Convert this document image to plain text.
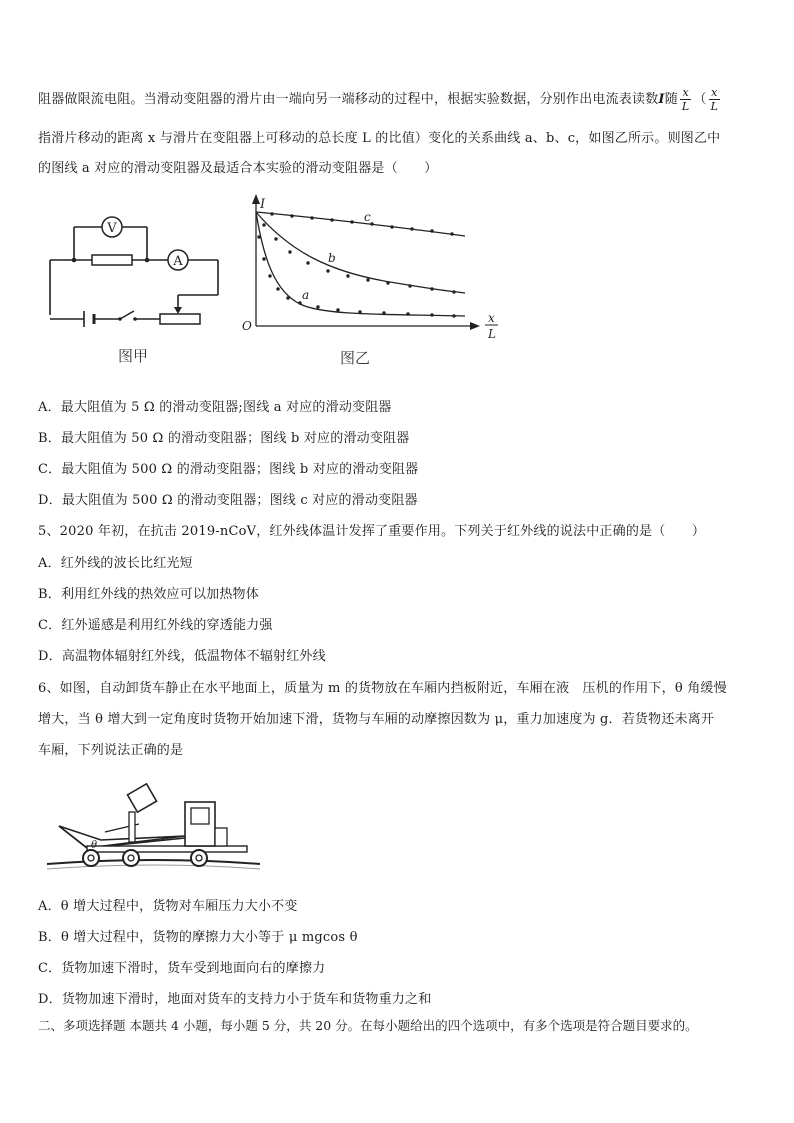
阻器做限流电阻。当滑动变阻器的滑片由一端向另一端移动的过程中，根据实验数据，分别作出电流表读数I随 $\frac{x}{L}$ （ $\frac{x}{L}$
指滑片移动的距离 x 与滑片在变阻器上可移动的总长度 L 的比值）变化的关系曲线 a、b、c，如图乙所示。则图乙中
的图线 a 对应的滑动变阻器及最适合本实验的滑动变阻器是（　　）
V
A
图甲
I
O
x
L
c
b
a
图乙
A．最大阻值为 5 Ω 的滑动变阻器;图线 a 对应的滑动变阻器
B．最大阻值为 50 Ω 的滑动变阻器；图线 b 对应的滑动变阻器
C．最大阻值为 500 Ω 的滑动变阻器；图线 b 对应的滑动变阻器
D．最大阻值为 500 Ω 的滑动变阻器；图线 c 对应的滑动变阻器
5、2020 年初，在抗击 2019-nCoV，红外线体温计发挥了重要作用。下列关于红外线的说法中正确的是（　　）
A．红外线的波长比红光短
B．利用红外线的热效应可以加热物体
C．红外遥感是利用红外线的穿透能力强
D．高温物体辐射红外线，低温物体不辐射红外线
6、如图，自动卸货车静止在水平地面上，质量为 m 的货物放在车厢内挡板附近，车厢在液　压机的作用下，θ 角缓慢
增大，当 θ 增大到一定角度时货物开始加速下滑，货物与车厢的动摩擦因数为 μ，重力加速度为 g．若货物还未离开
车厢，下列说法正确的是
θ
A．θ 增大过程中，货物对车厢压力大小不变
B．θ 增大过程中，货物的摩擦力大小等于 μ mgcos θ
C．货物加速下滑时，货车受到地面向右的摩擦力
D．货物加速下滑时，地面对货车的支持力小于货车和货物重力之和
二、多项选择题 本题共 4 小题，每小题 5 分，共 20 分。在每小题给出的四个选项中，有多个选项是符合题目要求的。
